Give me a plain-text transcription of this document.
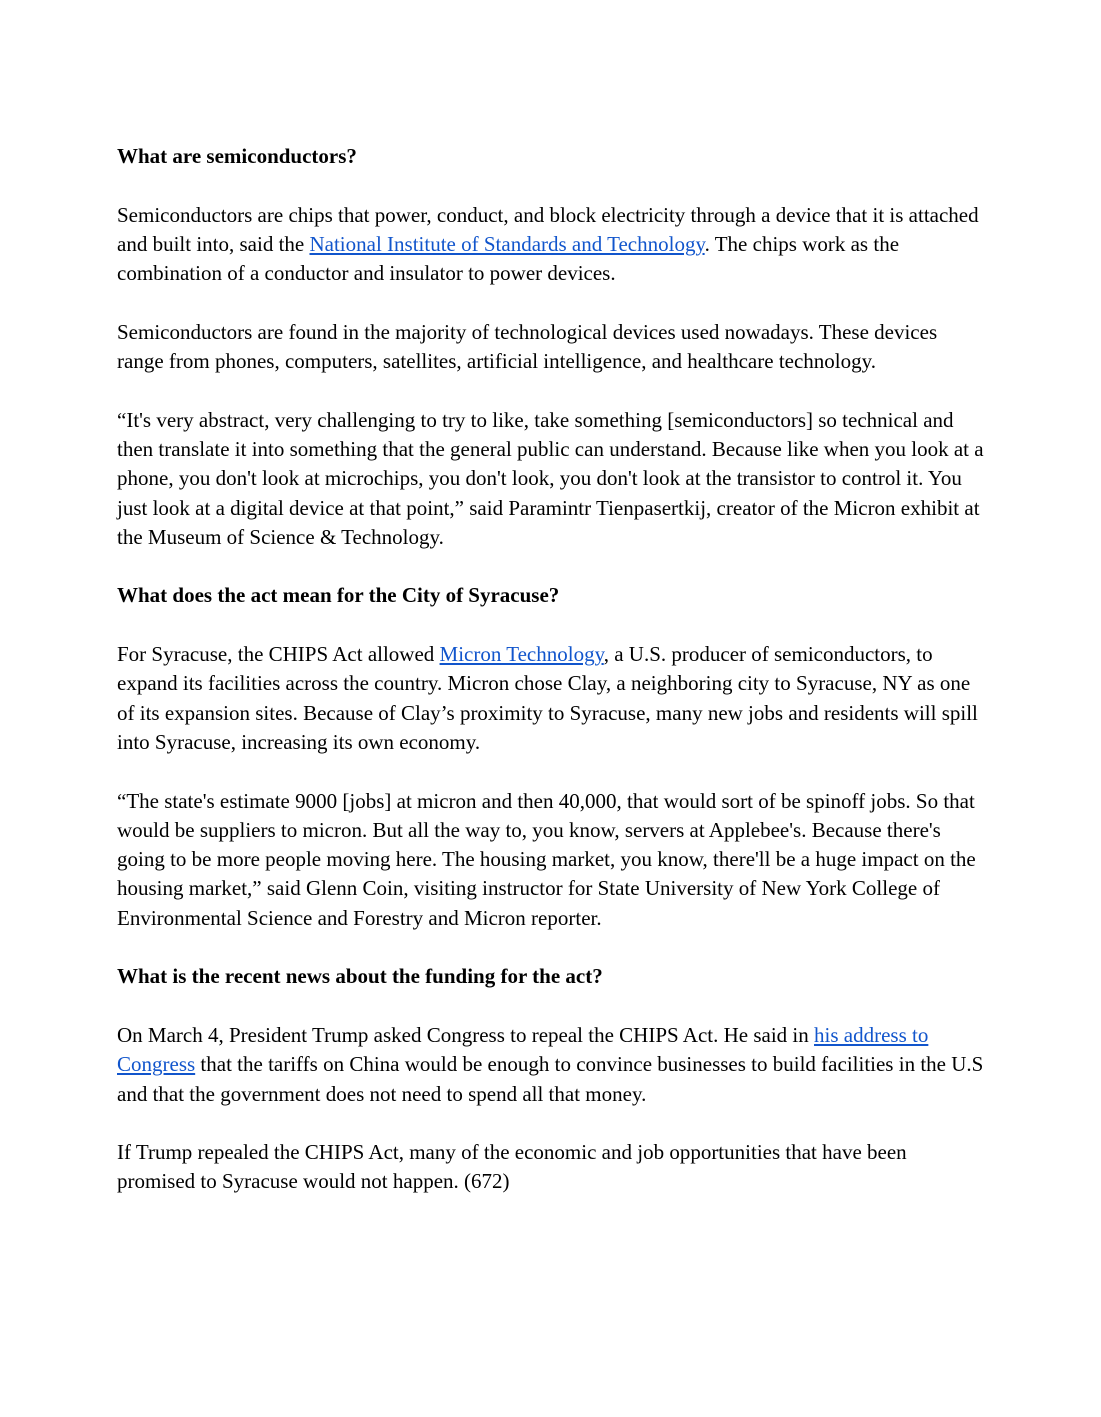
What are semiconductors?

Semiconductors are chips that power, conduct, and block electricity through a device that it is attached and built into, said the National Institute of Standards and Technology. The chips work as the combination of a conductor and insulator to power devices.

Semiconductors are found in the majority of technological devices used nowadays. These devices range from phones, computers, satellites, artificial intelligence, and healthcare technology.

“It's very abstract, very challenging to try to like, take something [semiconductors] so technical and then translate it into something that the general public can understand. Because like when you look at a phone, you don't look at microchips, you don't look, you don't look at the transistor to control it. You just look at a digital device at that point,” said Paramintr Tienpasertkij, creator of the Micron exhibit at the Museum of Science & Technology.

What does the act mean for the City of Syracuse?

For Syracuse, the CHIPS Act allowed Micron Technology, a U.S. producer of semiconductors, to expand its facilities across the country. Micron chose Clay, a neighboring city to Syracuse, NY as one of its expansion sites. Because of Clay’s proximity to Syracuse, many new jobs and residents will spill into Syracuse, increasing its own economy.

“The state's estimate 9000 [jobs] at micron and then 40,000, that would sort of be spinoff jobs. So that would be suppliers to micron. But all the way to, you know, servers at Applebee's. Because there's going to be more people moving here. The housing market, you know, there'll be a huge impact on the housing market,” said Glenn Coin, visiting instructor for State University of New York College of Environmental Science and Forestry and Micron reporter.

What is the recent news about the funding for the act?

On March 4, President Trump asked Congress to repeal the CHIPS Act. He said in his address to Congress that the tariffs on China would be enough to convince businesses to build facilities in the U.S and that the government does not need to spend all that money.

If Trump repealed the CHIPS Act, many of the economic and job opportunities that have been promised to Syracuse would not happen. (672)
